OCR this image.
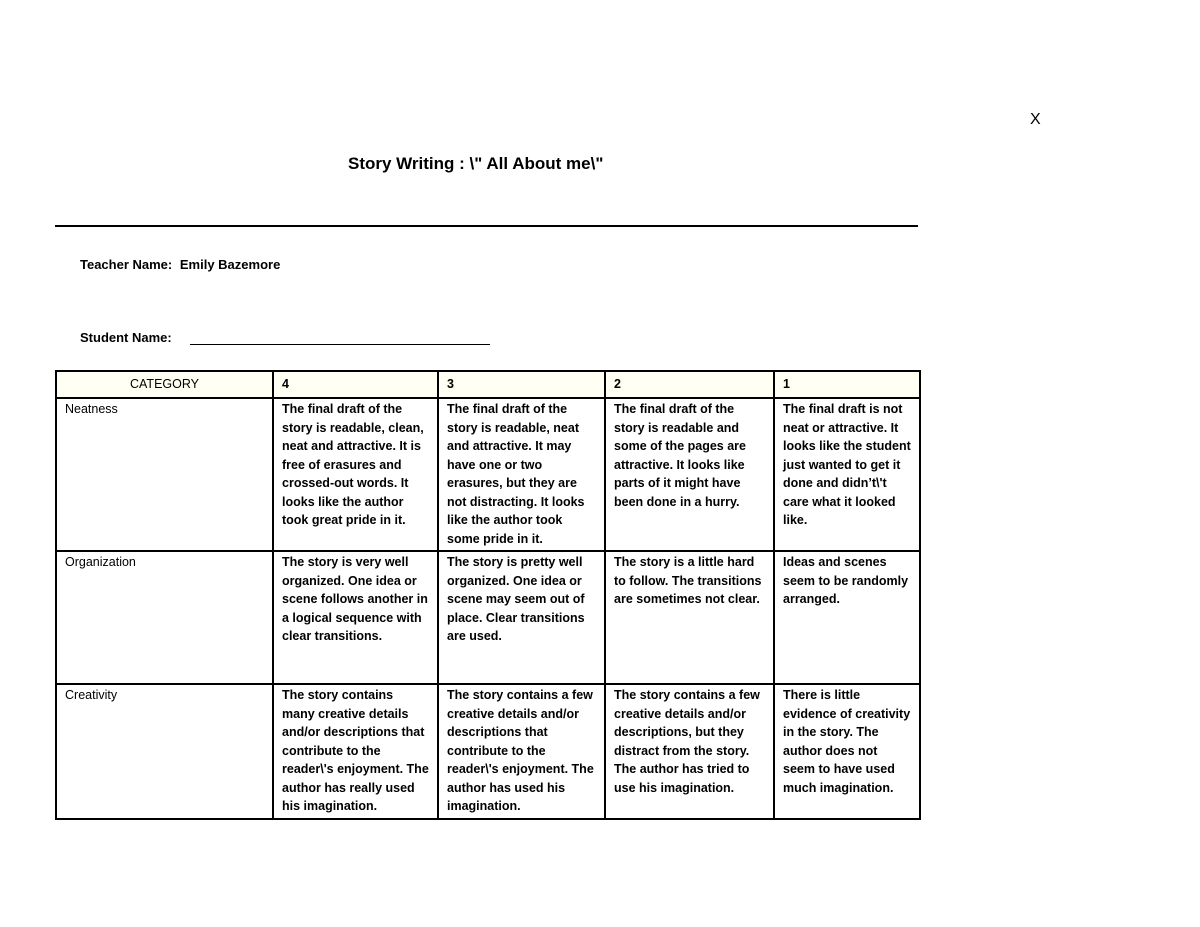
X
Story Writing : \" All About me\"
Teacher Name: Emily Bazemore
Student Name:
CATEGORY	4	3	2	1
Neatness	The final draft of the story is readable, clean, neat and attractive. It is free of erasures and crossed-out words. It looks like the author took great pride in it.	The final draft of the story is readable, neat and attractive. It may have one or two erasures, but they are not distracting. It looks like the author took some pride in it.	The final draft of the story is readable and some of the pages are attractive. It looks like parts of it might have been done in a hurry.	The final draft is not neat or attractive. It looks like the student just wanted to get it done and didn’t\'t care what it looked like.
Organization	The story is very well organized. One idea or scene follows another in a logical sequence with clear transitions.	The story is pretty well organized. One idea or scene may seem out of place. Clear transitions are used.	The story is a little hard to follow. The transitions are sometimes not clear.	Ideas and scenes seem to be randomly arranged.
Creativity	The story contains many creative details and/or descriptions that contribute to the reader\'s enjoyment. The author has really used his imagination.	The story contains a few creative details and/or descriptions that contribute to the reader\'s enjoyment. The author has used his imagination.	The story contains a few creative details and/or descriptions, but they distract from the story. The author has tried to use his imagination.	There is little evidence of creativity in the story. The author does not seem to have used much imagination.
